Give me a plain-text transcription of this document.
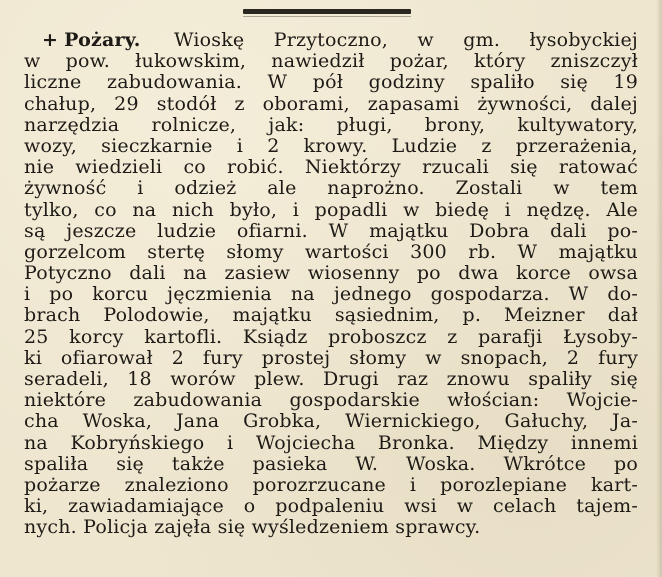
+ Pożary. Wioskę Przytoczno, w gm. łysobyckiej
w pow. łukowskim, nawiedził pożar, który zniszczył
liczne zabudowania. W pół godziny spaliło się 19
chałup, 29 stodół z oborami, zapasami żywności, dalej
narzędzia rolnicze, jak: pługi, brony, kultywatory,
wozy, sieczkarnie i 2 krowy. Ludzie z przerażenia,
nie wiedzieli co robić. Niektórzy rzucali się ratować
żywność i odzież ale naprożno. Zostali w tem
tylko, co na nich było, i popadli w biedę i nędzę. Ale
są jeszcze ludzie ofiarni. W majątku Dobra dali po-
gorzelcom stertę słomy wartości 300 rb. W majątku
Potyczno dali na zasiew wiosenny po dwa korce owsa
i po korcu jęczmienia na jednego gospodarza. W do-
brach Polodowie, majątku sąsiednim, p. Meizner dał
25 korcy kartofli. Ksiądz proboszcz z parafji Łysoby-
ki ofiarował 2 fury prostej słomy w snopach, 2 fury
seradeli, 18 worów plew. Drugi raz znowu spaliły się
niektóre zabudowania gospodarskie włościan: Wojcie-
cha Woska, Jana Grobka, Wiernickiego, Gałuchy, Ja-
na Kobryńskiego i Wojciecha Bronka. Między innemi
spaliła się także pasieka W. Woska. Wkrótce po
pożarze znaleziono porozrzucane i porozlepiane kart-
ki, zawiadamiające o podpaleniu wsi w celach tajem-
nych. Policja zajęła się wyśledzeniem sprawcy.
